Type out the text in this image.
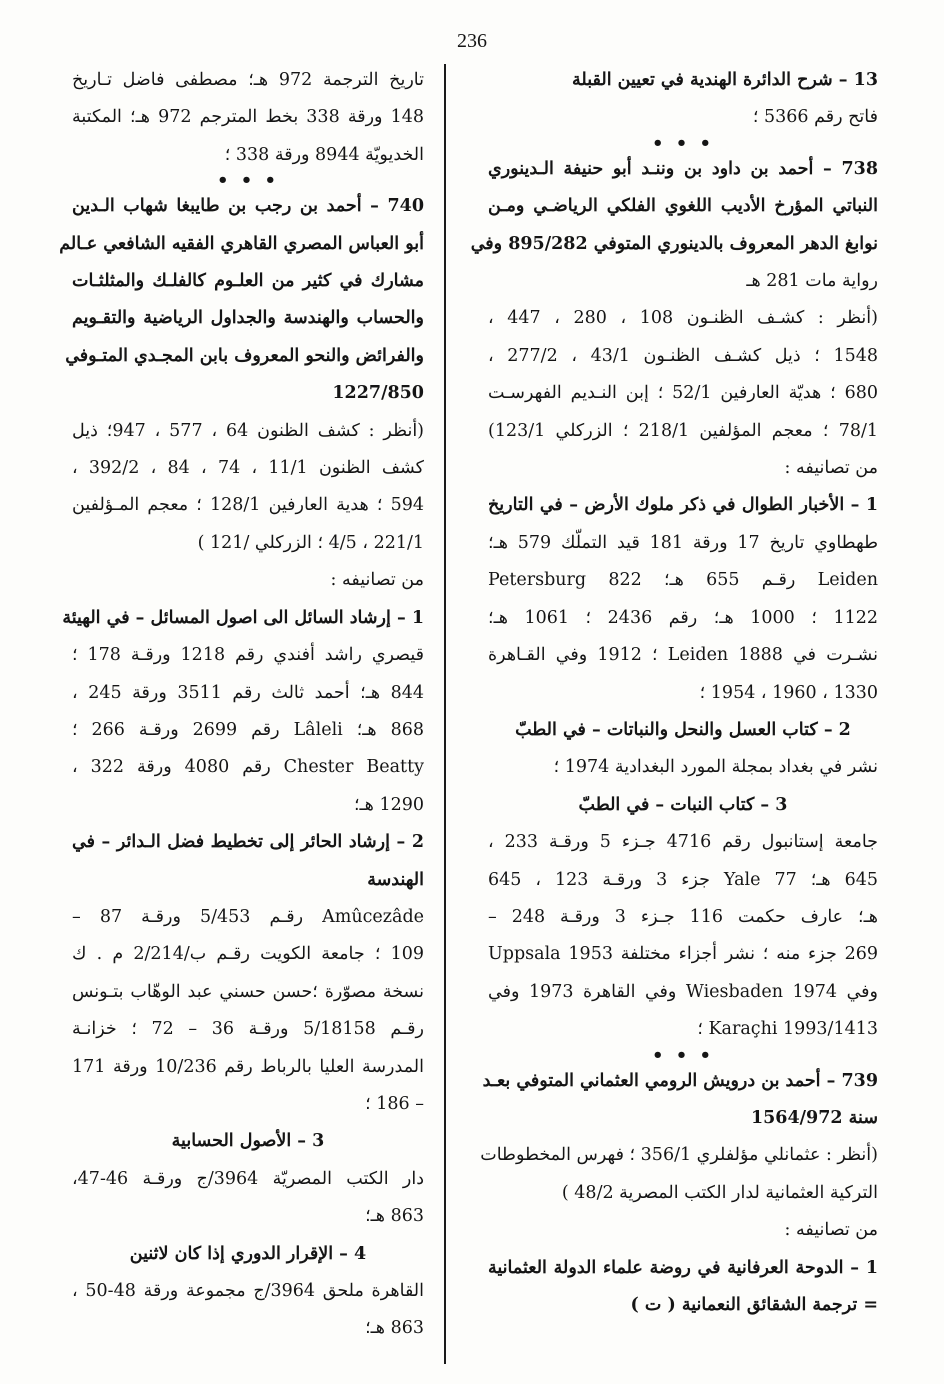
236
13 – شرح الدائرة الهندية في تعيين القبلة
فاتح رقم 5366 ؛
• • •
738 – أحمد بن داود بن وننـد أبو حنيفة الـدينوري
النباتي المؤرخ الأديب اللغوي الفلكي الرياضـي ومـن
نوابغ الدهر المعروف بالدينوري المتوفي 895/282 وفي
رواية مات 281 هـ
(أنظر : كشـف الظنـون 108 ، 280 ، 447 ،
1548 ؛ ذيل كشـف الظنـون 43/1 ، 277/2 ،
680 ؛ هديّة العارفين 52/1 ؛ إبن النـديم الفهرسـت
78/1 ؛ معجم المؤلفين 218/1 ؛ الزركلي 123/1)
من تصانيفه :
1 – الأخبار الطوال في ذكر ملوك الأرض – في التاريخ
طهطاوي تاريخ 17 ورقة 181 قيد التملّك 579 هـ؛
Leiden رقـم 655 هـ؛ 822 Petersburg
1122 ؛ 1000 هـ؛ رقم 2436 ؛ 1061 هـ؛
نشـرت في Leiden 1888 ؛ 1912 وفي القـاهرة
1330 ، 1960 ، 1954 ؛
2 – كتاب العسل والنحل والنباتات – في الطبّ
نشر في بغداد بمجلة المورد البغدادية 1974 ؛
3 – كتاب النبات – في الطبّ
جامعة إستانبول رقم 4716 جـزء 5 ورقـة 233 ،
645 هـ؛ Yale 77 جزء 3 ورقـة 123 ، 645
هـ؛ عارف حكمت 116 جـزء 3 ورقـة 248 –
269 جزء منه ؛ نشر أجزاء مختلفة Uppsala 1953
وفي Wiesbaden 1974 وفي القاهرة 1973 وفي
Karaçhi 1993/1413 ؛
• • •
739 – أحمد بن درويش الرومي العثماني المتوفي بعـد
سنة 1564/972
(أنظر : عثمانلي مؤلفلري 356/1 ؛ فهرس المخطوطات
التركية العثمانية لدار الكتب المصرية 48/2 )
من تصانيفه :
1 – الدوحة العرفانية في روضة علماء الدولة العثمانية
= ترجمة الشقائق النعمانية ( ت )
تاريخ الترجمة 972 هـ؛ مصطفى فاضل تـاريخ
148 ورقة 338 بخط المترجم 972 هـ؛ المكتبة
الخديويّة 8944 ورقة 338 ؛
• • •
740 – أحمد بن رجب بن طايبغا شهاب الـدين
أبو العباس المصري القاهري الفقيه الشافعي عـالم
مشارك في كثير من العلـوم كالفلـك والمثلثـات
والحساب والهندسة والجداول الرياضية والتقـويم
والفرائض والنحو المعروف بابن المجـدي المتـوفي
1227/850
(أنظر : كشف الظنون 64 ، 577 ، 947؛ ذيل
كشف الظنون 11/1 ، 74 ، 84 ، 392/2 ،
594 ؛ هدية العارفين 128/1 ؛ معجم المـؤلفين
221/1 ، 4/5 ؛ الزركلي /121 )
من تصانيفه :
1 – إرشاد السائل الى اصول المسائل – في الهيئة
قيصري راشد أفندي رقم 1218 ورقـة 178 ؛
844 هـ؛ أحمد ثالث رقم 3511 ورقة 245 ،
868 هـ؛ Lâleli رقم 2699 ورقـة 266 ؛
Chester Beatty رقم 4080 ورقة 322 ،
1290 هـ؛
2 – إرشاد الحائر إلى تخطيط فضل الـدائر – في
الهندسة
Amûcezâde رقـم 5/453 ورقـة 87 –
109 ؛ جامعة الكويت رقـم ب/2/214 م . ك
نسخة مصوّرة ؛حسن حسني عبد الوهّاب بتـونس
رقـم 5/18158 ورقـة 36 – 72 ؛ خزانـة
المدرسة العليا بالرباط رقم 10/236 ورقة 171
– 186 ؛
3 – الأصول الحسابية
دار الكتب المصريّة 3964/ج ورقـة 46-47،
863 هـ؛
4 – الإقرار الدوري إذا كان لاثنين
القاهرة ملحق 3964/ج مجموعة ورقة 48-50 ،
863 هـ؛
